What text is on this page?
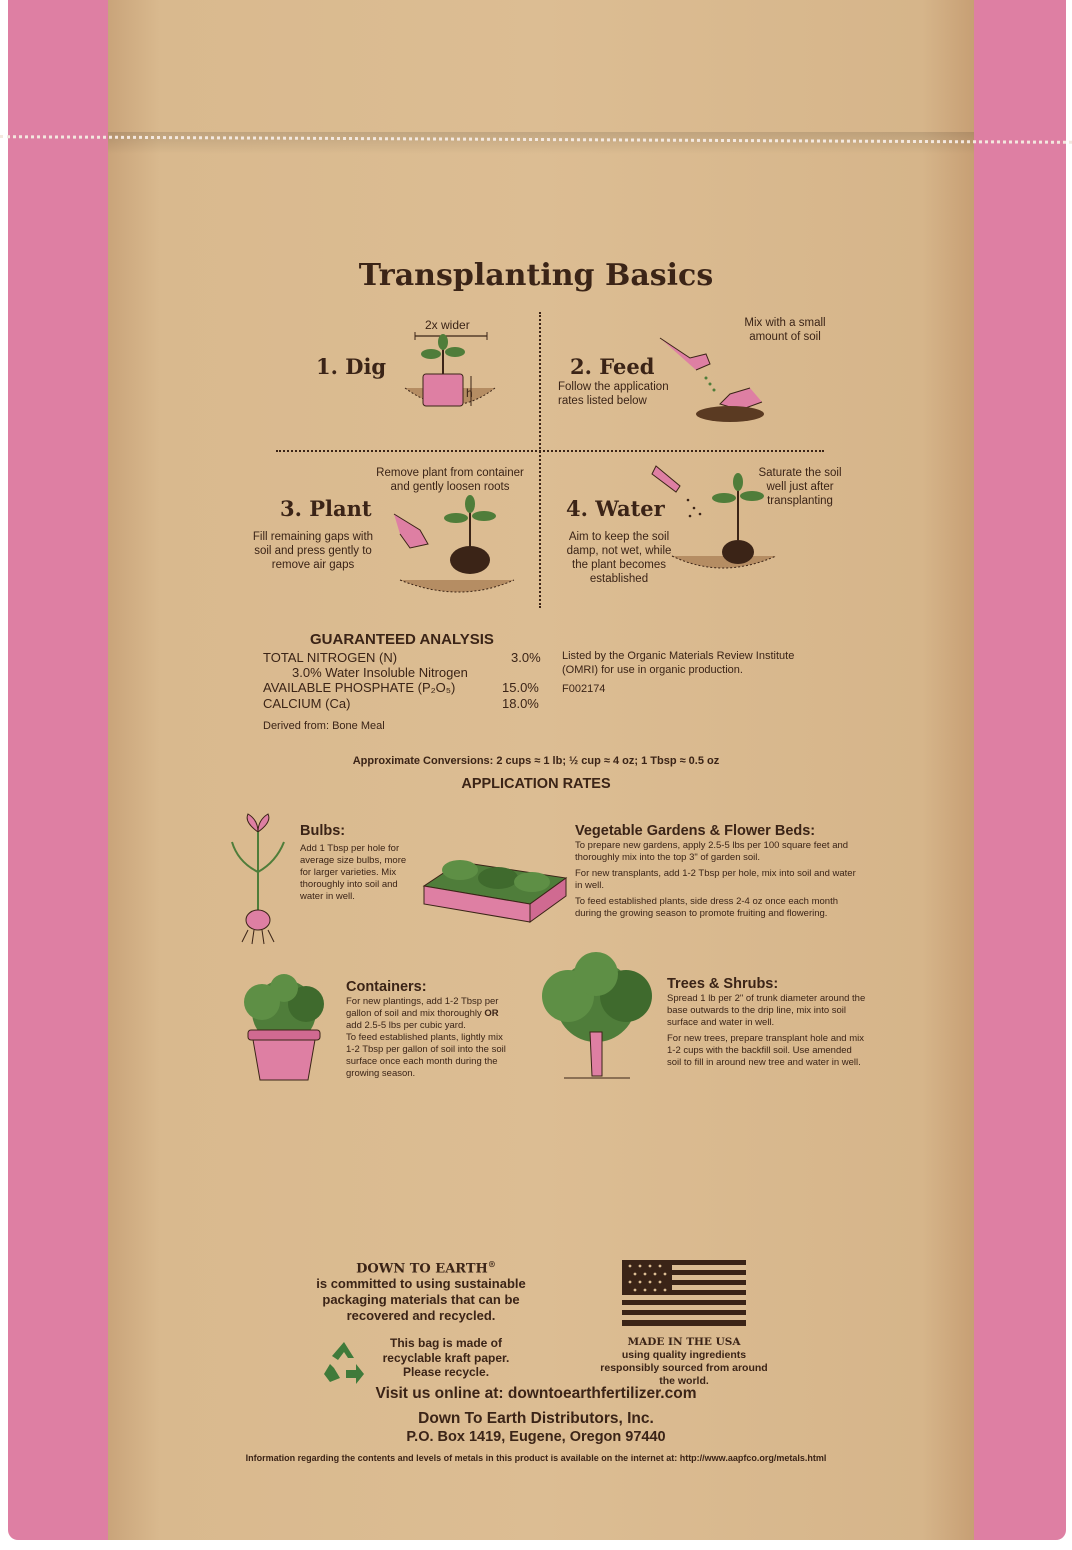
Transplanting Basics
1. Dig
2x wider
h
2. Feed
Follow the application rates listed below
Mix with a small amount of soil
3. Plant
Fill remaining gaps with soil and press gently to remove air gaps
Remove plant from container and gently loosen roots
4. Water
Aim to keep the soil damp, not wet, while the plant becomes established
Saturate the soil well just after transplanting
GUARANTEED ANALYSIS
TOTAL NITROGEN (N)	3.0%
3.0% Water Insoluble Nitrogen
AVAILABLE PHOSPHATE (P₂O₅)	15.0%
CALCIUM (Ca)	18.0%
Derived from: Bone Meal
Listed by the Organic Materials Review Institute (OMRI) for use in organic production.
F002174
Approximate Conversions: 2 cups ≈ 1 lb; ½ cup ≈ 4 oz; 1 Tbsp ≈ 0.5 oz
APPLICATION RATES
Bulbs:
Add 1 Tbsp per hole for average size bulbs, more for larger varieties. Mix thoroughly into soil and water in well.
Vegetable Gardens & Flower Beds:
To prepare new gardens, apply 2.5-5 lbs per 100 square feet and thoroughly mix into the top 3" of garden soil.
For new transplants, add 1-2 Tbsp per hole, mix into soil and water in well.
To feed established plants, side dress 2-4 oz once each month during the growing season to promote fruiting and flowering.
Containers:
For new plantings, add 1-2 Tbsp per gallon of soil and mix thoroughly OR add 2.5-5 lbs per cubic yard.
To feed established plants, lightly mix 1-2 Tbsp per gallon of soil into the soil surface once each month during the growing season.
Trees & Shrubs:
Spread 1 lb per 2" of trunk diameter around the base outwards to the drip line, mix into soil surface and water in well.
For new trees, prepare transplant hole and mix 1-2 cups with the backfill soil. Use amended soil to fill in around new tree and water in well.
DOWN TO EARTH®
is committed to using sustainable packaging materials that can be recovered and recycled.
This bag is made of recyclable kraft paper. Please recycle.
MADE IN THE USA
using quality ingredients responsibly sourced from around the world.
Visit us online at: downtoearthfertilizer.com
Down To Earth Distributors, Inc.
P.O. Box 1419, Eugene, Oregon 97440
Information regarding the contents and levels of metals in this product is available on the internet at: http://www.aapfco.org/metals.html
